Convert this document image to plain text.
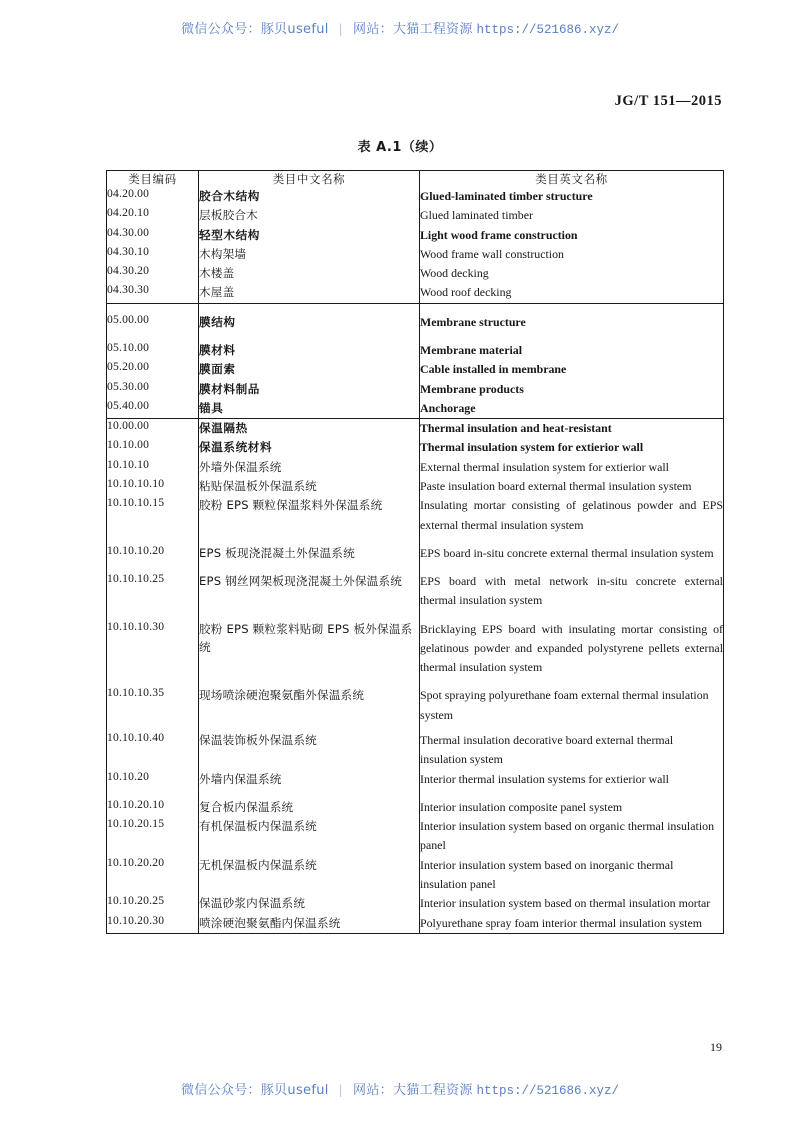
微信公众号：豚贝useful | 网站：大猫工程资源 https://521686.xyz/
JG/T 151—2015
表 A.1（续）
类目编码	类目中文名称	类目英文名称
04.20.00	胶合木结构	Glued-laminated timber structure
04.20.10	层板胶合木	Glued laminated timber
04.30.00	轻型木结构	Light wood frame construction
04.30.10	木构架墙	Wood frame wall construction
04.30.20	木楼盖	Wood decking
04.30.30	木屋盖	Wood roof decking
05.00.00	膜结构	Membrane structure
05.10.00	膜材料	Membrane material
05.20.00	膜面索	Cable installed in membrane
05.30.00	膜材料制品	Membrane products
05.40.00	锚具	Anchorage
10.00.00	保温隔热	Thermal insulation and heat-resistant
10.10.00	保温系统材料	Thermal insulation system for extierior wall
10.10.10	外墙外保温系统	External thermal insulation system for extierior wall
10.10.10.10	粘贴保温板外保温系统	Paste insulation board external thermal insulation system
10.10.10.15	胶粉 EPS 颗粒保温浆料外保温系统	Insulating mortar consisting of gelatinous powder and EPS external thermal insulation system
10.10.10.20	EPS 板现浇混凝土外保温系统	EPS board in-situ concrete external thermal insulation system
10.10.10.25	EPS 钢丝网架板现浇混凝土外保温系统	EPS board with metal network in-situ concrete external thermal insulation system
10.10.10.30	胶粉 EPS 颗粒浆料贴砌 EPS 板外保温系统	Bricklaying EPS board with insulating mortar consisting of gelatinous powder and expanded polystyrene pellets external thermal insulation system
10.10.10.35	现场喷涂硬泡聚氨酯外保温系统	Spot spraying polyurethane foam external thermal insulation system
10.10.10.40	保温装饰板外保温系统	Thermal insulation decorative board external thermal insulation system
10.10.20	外墙内保温系统	Interior thermal insulation systems for extierior wall
10.10.20.10	复合板内保温系统	Interior insulation composite panel system
10.10.20.15	有机保温板内保温系统	Interior insulation system based on organic thermal insulation panel
10.10.20.20	无机保温板内保温系统	Interior insulation system based on inorganic thermal insulation panel
10.10.20.25	保温砂浆内保温系统	Interior insulation system based on thermal insulation mortar
10.10.20.30	喷涂硬泡聚氨酯内保温系统	Polyurethane spray foam interior thermal insulation system
19
微信公众号：豚贝useful | 网站：大猫工程资源 https://521686.xyz/
